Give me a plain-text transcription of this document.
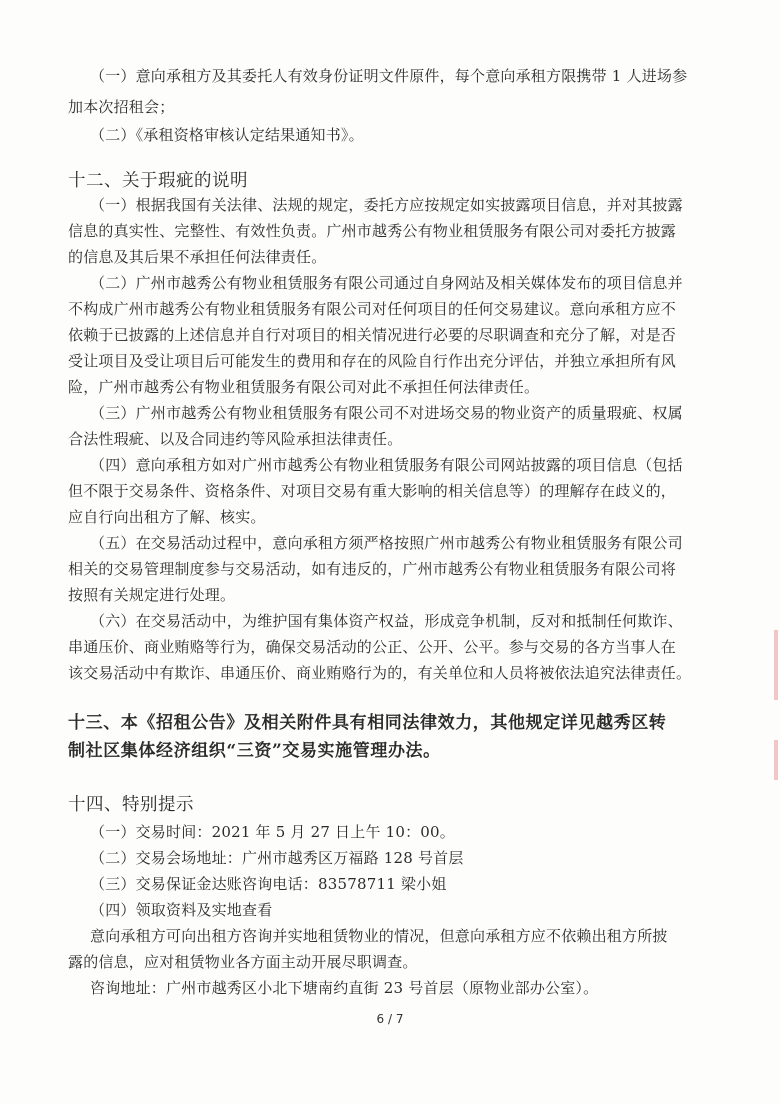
（一）意向承租方及其委托人有效身份证明文件原件，每个意向承租方限携带 1 人进场参
加本次招租会；
（二）《承租资格审核认定结果通知书》。
十二、关于瑕疵的说明
（一）根据我国有关法律、法规的规定，委托方应按规定如实披露项目信息，并对其披露
信息的真实性、完整性、有效性负责。广州市越秀公有物业租赁服务有限公司对委托方披露
的信息及其后果不承担任何法律责任。
（二）广州市越秀公有物业租赁服务有限公司通过自身网站及相关媒体发布的项目信息并
不构成广州市越秀公有物业租赁服务有限公司对任何项目的任何交易建议。意向承租方应不
依赖于已披露的上述信息并自行对项目的相关情况进行必要的尽职调查和充分了解，对是否
受让项目及受让项目后可能发生的费用和存在的风险自行作出充分评估，并独立承担所有风
险，广州市越秀公有物业租赁服务有限公司对此不承担任何法律责任。
（三）广州市越秀公有物业租赁服务有限公司不对进场交易的物业资产的质量瑕疵、权属
合法性瑕疵、以及合同违约等风险承担法律责任。
（四）意向承租方如对广州市越秀公有物业租赁服务有限公司网站披露的项目信息（包括
但不限于交易条件、资格条件、对项目交易有重大影响的相关信息等）的理解存在歧义的，
应自行向出租方了解、核实。
（五）在交易活动过程中，意向承租方须严格按照广州市越秀公有物业租赁服务有限公司
相关的交易管理制度参与交易活动，如有违反的，广州市越秀公有物业租赁服务有限公司将
按照有关规定进行处理。
（六）在交易活动中，为维护国有集体资产权益，形成竞争机制，反对和抵制任何欺诈、
串通压价、商业贿赂等行为，确保交易活动的公正、公开、公平。参与交易的各方当事人在
该交易活动中有欺诈、串通压价、商业贿赂行为的，有关单位和人员将被依法追究法律责任。
十三、本《招租公告》及相关附件具有相同法律效力，其他规定详见越秀区转
制社区集体经济组织“三资”交易实施管理办法。
十四、特别提示
（一）交易时间：2021 年 5 月 27 日上午 10：00。
（二）交易会场地址：广州市越秀区万福路 128 号首层
（三）交易保证金达账咨询电话：83578711 梁小姐
（四）领取资料及实地查看
意向承租方可向出租方咨询并实地租赁物业的情况，但意向承租方应不依赖出租方所披
露的信息，应对租赁物业各方面主动开展尽职调查。
咨询地址：广州市越秀区小北下塘南约直街 23 号首层（原物业部办公室）。
6 / 7
